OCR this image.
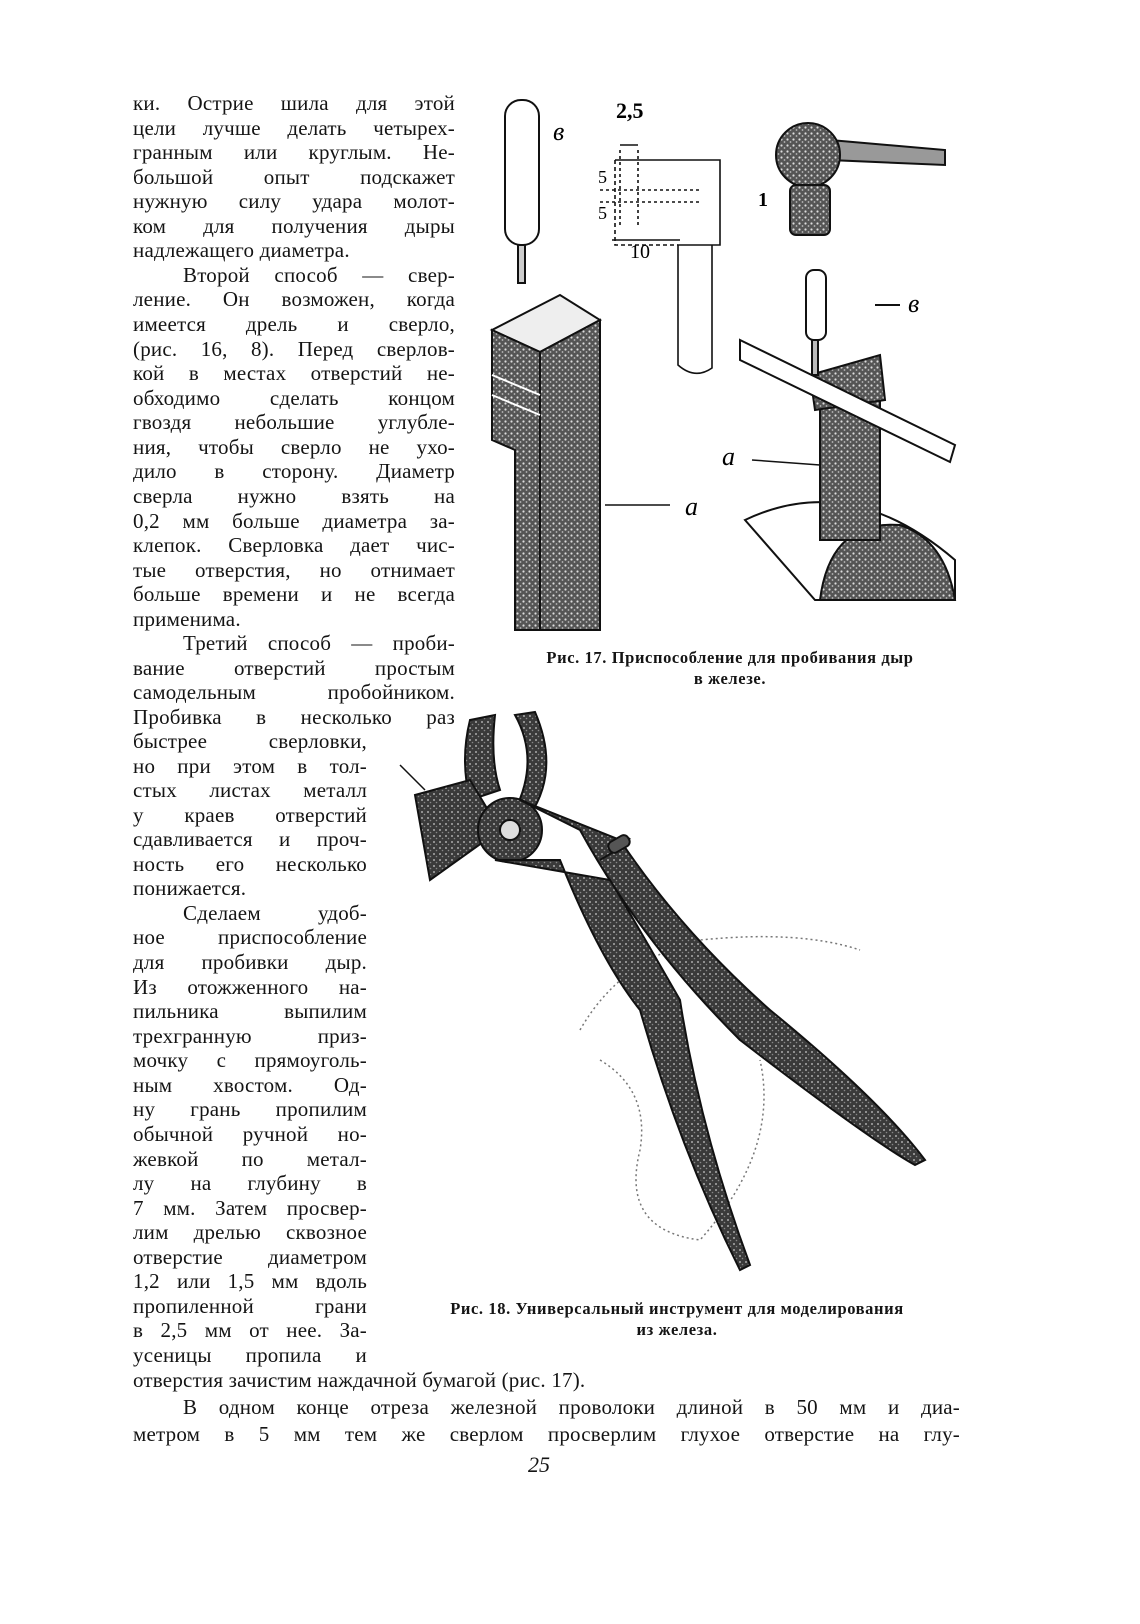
ки. Острие шила для этой
цели лучше делать четырех-
гранным или круглым. Не-
большой опыт подскажет
нужную силу удара молот-
ком для получения дыры
надлежащего диаметра.
Второй способ — свер-
ление. Он возможен, когда
имеется дрель и сверло,
(рис. 16, 8). Перед сверлов-
кой в местах отверстий не-
обходимо сделать концом
гвоздя небольшие углубле-
ния, чтобы сверло не ухо-
дило в сторону. Диаметр
сверла нужно взять на
0,2 мм больше диаметра за-
клепок. Сверловка дает чис-
тые отверстия, но отнимает
больше времени и не всегда
применима.
Третий способ — проби-
вание отверстий простым
самодельным пробойником.
Пробивка в несколько раз
быстрее сверловки,
но при этом в тол-
стых листах металл
у краев отверстий
сдавливается и проч-
ность его несколько
понижается.
Сделаем удоб-
ное приспособление
для пробивки дыр.
Из отожженного на-
пильника выпилим
трехгранную приз-
мочку с прямоуголь-
ным хвостом. Од-
ну грань пропилим
обычной ручной но-
жевкой по метал-
лу на глубину в
7 мм. Затем просвер-
лим дрелью сквозное
отверстие диаметром
1,2 или 1,5 мм вдоль
пропиленной грани
в 2,5 мм от нее. За-
усеницы пропила и
отверстия зачистим наждачной бумагой (рис. 17).
В одном конце отреза железной проволоки длиной в 50 мм и диа-
метром в 5 мм тем же сверлом просверлим глухое отверстие на глу-
в
2,5
5
5
1
10
а
в
а
Рис. 17. Приспособление для пробивания дыр
в железе.
Рис. 18. Универсальный инструмент для моделирования
из железа.
25
